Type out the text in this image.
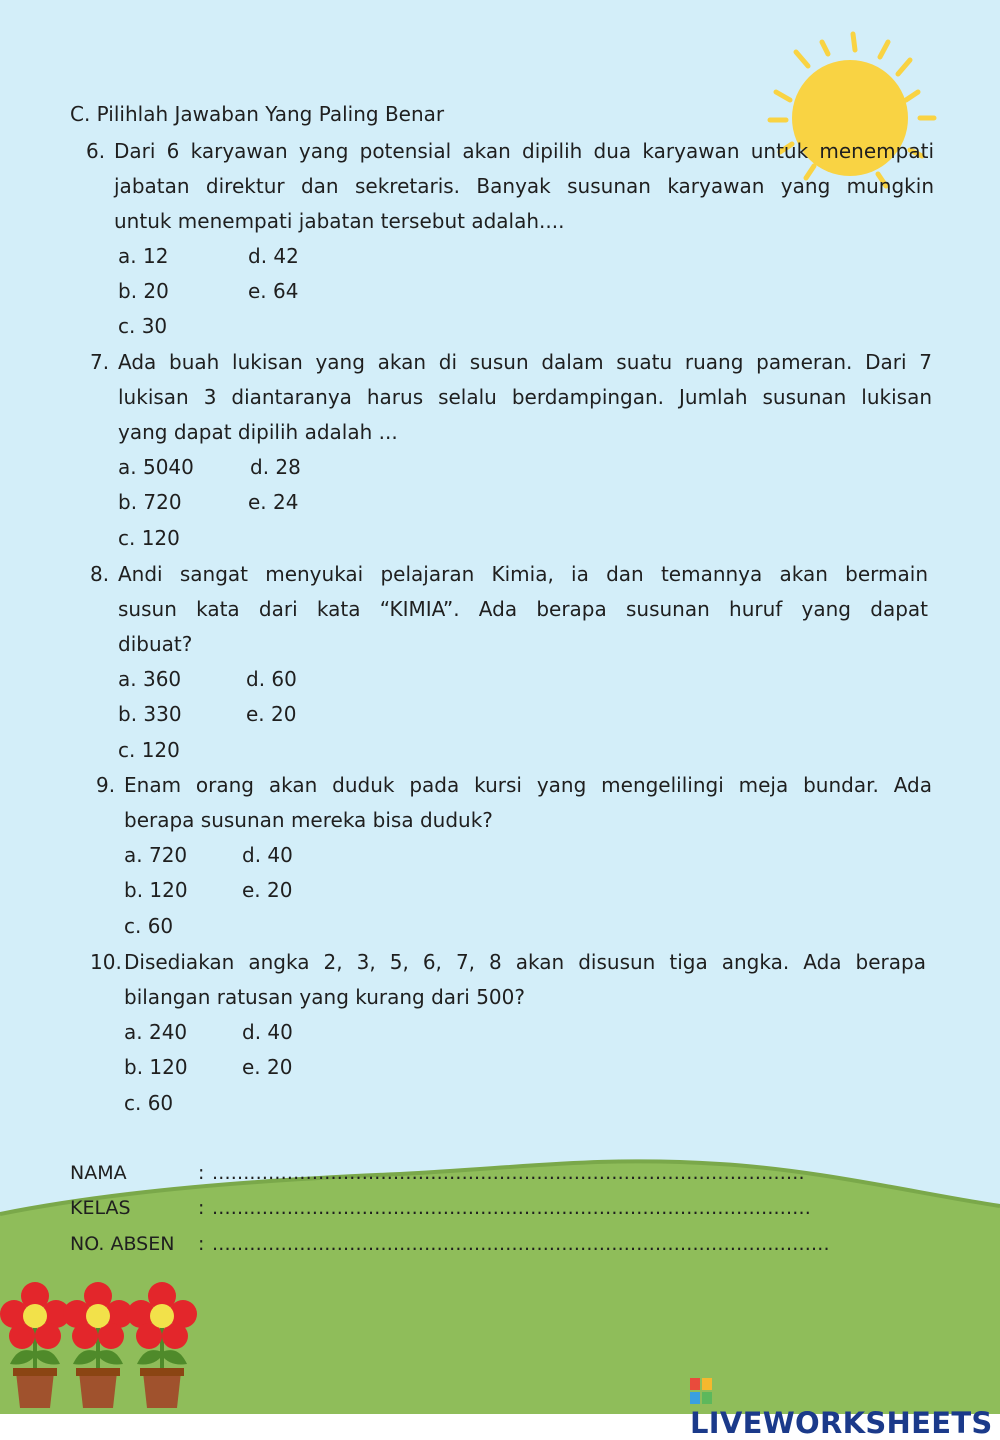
C. Pilihlah Jawaban Yang Paling Benar
6. Dari 6 karyawan yang potensial akan dipilih dua karyawan untuk menempati
jabatan direktur dan sekretaris. Banyak susunan karyawan yang mungkin
untuk menempati jabatan tersebut adalah....
a. 12	d. 42
b. 20	e. 64
c. 30
7. Ada buah lukisan yang akan di susun dalam suatu ruang pameran. Dari 7
lukisan 3 diantaranya harus selalu berdampingan. Jumlah susunan lukisan
yang dapat dipilih adalah ...
a. 5040	d. 28
b. 720	e. 24
c. 120
8. Andi sangat menyukai pelajaran Kimia, ia dan temannya akan bermain
susun kata dari kata “KIMIA”. Ada berapa susunan huruf yang dapat
dibuat?
a. 360	d. 60
b. 330	e. 20
c. 120
9. Enam orang akan duduk pada kursi yang mengelilingi meja bundar. Ada
berapa susunan mereka bisa duduk?
a. 720	d. 40
b. 120	e. 20
c. 60
10. Disediakan angka 2, 3, 5, 6, 7, 8 akan disusun tiga angka. Ada berapa
bilangan ratusan yang kurang dari 500?
a. 240	d. 40
b. 120	e. 20
c. 60
NAMA	: ...............................................................................................
KELAS	: ................................................................................................
NO. ABSEN : ...................................................................................................
LIVEWORKSHEETS
